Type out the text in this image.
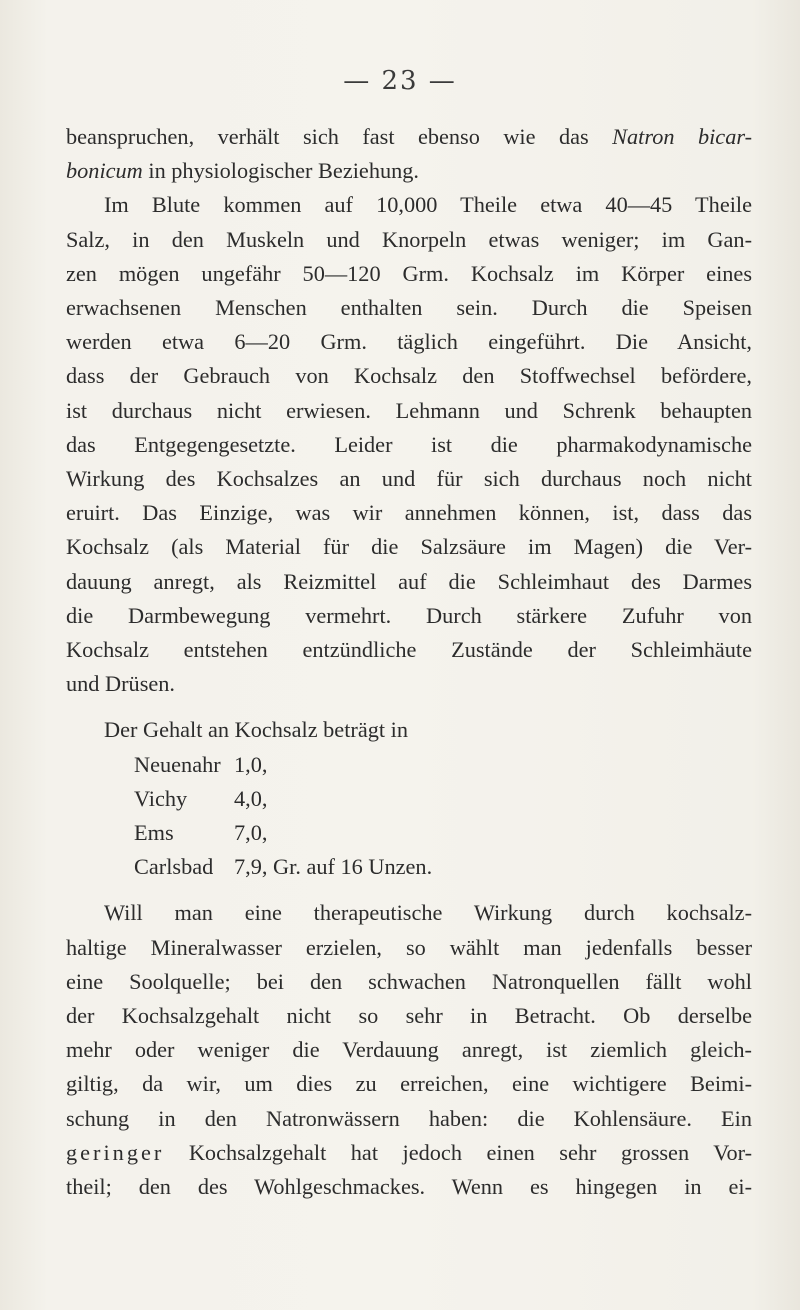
— 23 —

beanspruchen, verhält sich fast ebenso wie das Natron bicar-
bonicum in physiologischer Beziehung.

Im Blute kommen auf 10,000 Theile etwa 40—45 Theile
Salz, in den Muskeln und Knorpeln etwas weniger; im Gan-
zen mögen ungefähr 50—120 Grm. Kochsalz im Körper eines
erwachsenen Menschen enthalten sein. Durch die Speisen
werden etwa 6—20 Grm. täglich eingeführt. Die Ansicht,
dass der Gebrauch von Kochsalz den Stoffwechsel befördere,
ist durchaus nicht erwiesen. Lehmann und Schrenk behaupten
das Entgegengesetzte. Leider ist die pharmakodynamische
Wirkung des Kochsalzes an und für sich durchaus noch nicht
eruirt. Das Einzige, was wir annehmen können, ist, dass das
Kochsalz (als Material für die Salzsäure im Magen) die Ver-
dauung anregt, als Reizmittel auf die Schleimhaut des Darmes
die Darmbewegung vermehrt. Durch stärkere Zufuhr von
Kochsalz entstehen entzündliche Zustände der Schleimhäute
und Drüsen.

Der Gehalt an Kochsalz beträgt in
Neuenahr 1,0,
Vichy	4,0,
Ems	7,0,
Carlsbad 7,9, Gr. auf 16 Unzen.

Will man eine therapeutische Wirkung durch kochsalz-
haltige Mineralwasser erzielen, so wählt man jedenfalls besser
eine Soolquelle; bei den schwachen Natronquellen fällt wohl
der Kochsalzgehalt nicht so sehr in Betracht. Ob derselbe
mehr oder weniger die Verdauung anregt, ist ziemlich gleich-
giltig, da wir, um dies zu erreichen, eine wichtigere Beimi-
schung in den Natronwässern haben: die Kohlensäure. Ein
geringer Kochsalzgehalt hat jedoch einen sehr grossen Vor-
theil; den des Wohlgeschmackes. Wenn es hingegen in ei-
